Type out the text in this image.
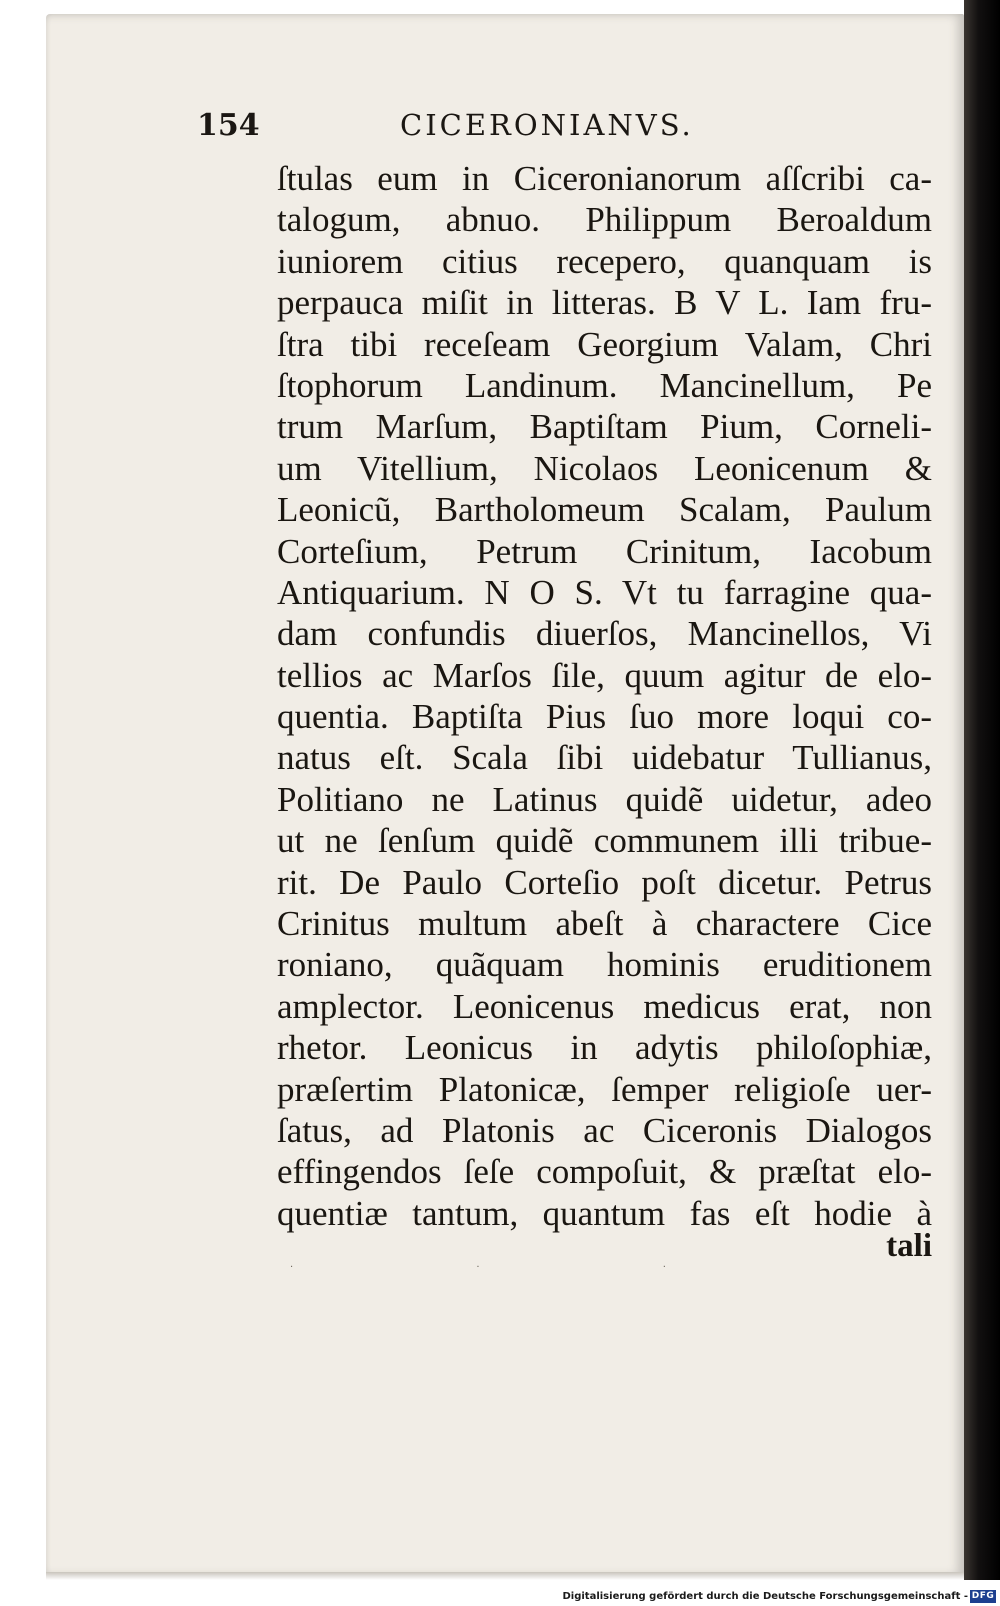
154	CICERONIANVS.
ſtulas eum in Ciceronianorum aſſcribi ca-
talogum, abnuo. Philippum Beroaldum
iuniorem citius recepero, quanquam is
perpauca miſit in litteras. B V L. Iam fru-
ſtra tibi receſeam Georgium Valam, Chri
ſtophorum Landinum. Mancinellum, Pe
trum Marſum, Baptiſtam Pium, Corneli-
um Vitellium, Nicolaos Leonicenum &
Leonicũ, Bartholomeum Scalam, Paulum
Corteſium, Petrum Crinitum, Iacobum
Antiquarium. N O S. Vt tu farragine qua-
dam confundis diuerſos, Mancinellos, Vi
tellios ac Marſos ſile, quum agitur de elo-
quentia. Baptiſta Pius ſuo more loqui co-
natus eſt. Scala ſibi uidebatur Tullianus,
Politiano ne Latinus quidẽ uidetur, adeo
ut ne ſenſum quidẽ communem illi tribue-
rit. De Paulo Corteſio poſt dicetur. Petrus
Crinitus multum abeſt à charactere Cice
roniano, quãquam hominis eruditionem
amplector. Leonicenus medicus erat, non
rhetor. Leonicus in adytis philoſophiæ,
præſertim Platonicæ, ſemper religioſe uer-
ſatus, ad Platonis ac Ciceronis Dialogos
effingendos ſeſe compoſuit, & præſtat elo-
quentiæ tantum, quantum fas eſt hodie à
tali
· · ·
Digitalisierung gefördert durch die Deutsche Forschungsgemeinschaft - DFG
